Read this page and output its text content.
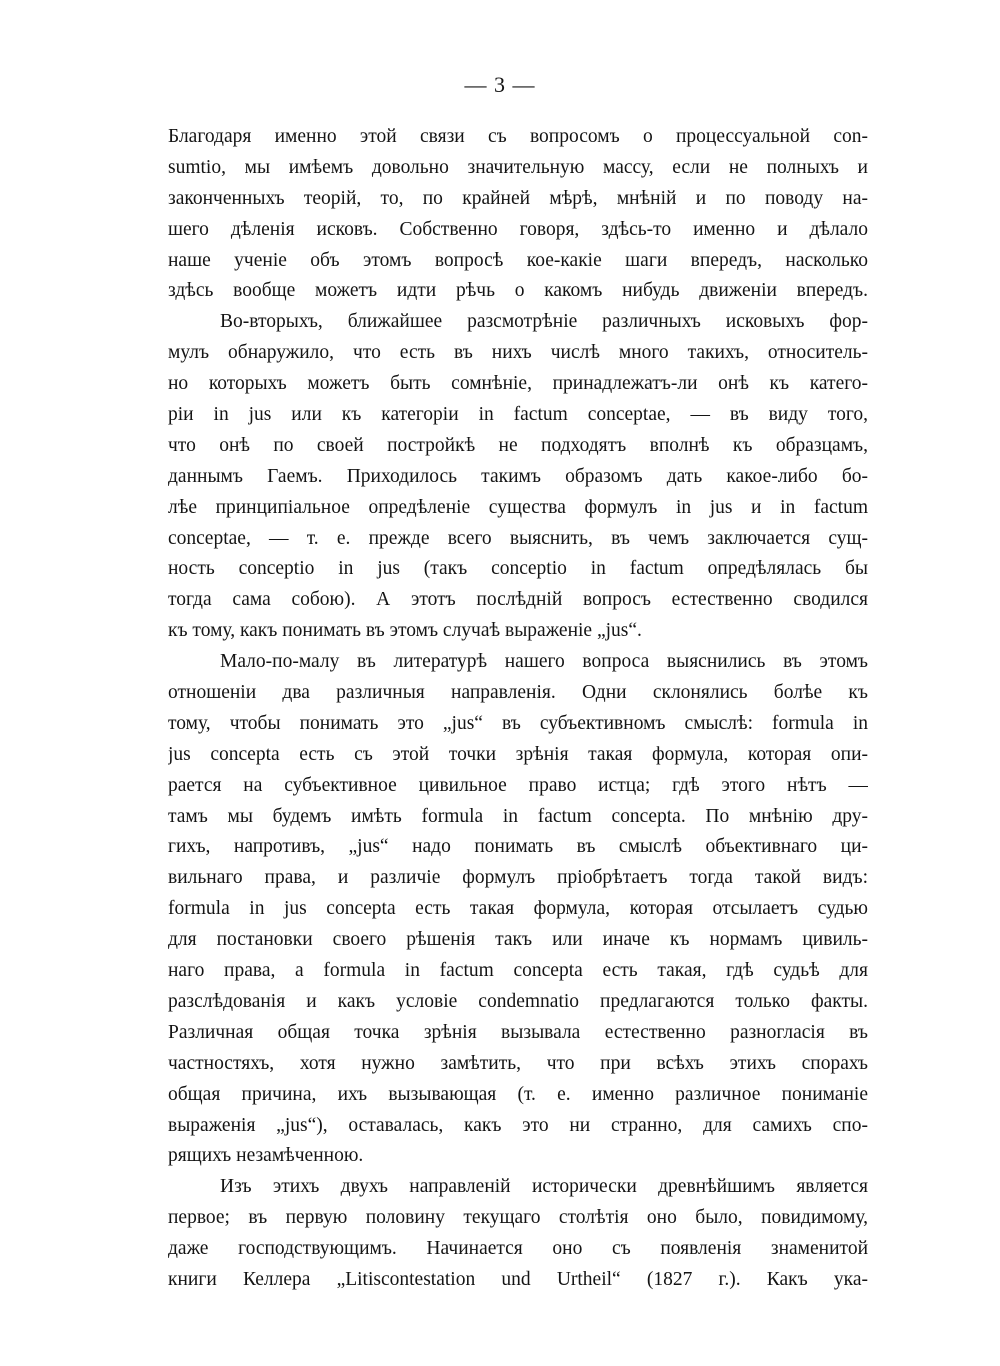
— 3 —
Благодаря именно этой связи съ вопросомъ о процессуальной con-
sumtio, мы имѣемъ довольно значительную массу, если не полныхъ и
законченныхъ теорій, то, по крайней мѣрѣ, мнѣній и по поводу на-
шего дѣленія исковъ. Собственно говоря, здѣсь-то именно и дѣлало
наше ученіе объ этомъ вопросѣ кое-какіе шаги впередъ, насколько
здѣсь вообще можетъ идти рѣчь о какомъ нибудь движеніи впередъ.
Во-вторыхъ, ближайшее разсмотрѣніе различныхъ исковыхъ фор-
мулъ обнаружило, что есть въ нихъ числѣ много такихъ, относитель-
но которыхъ можетъ быть сомнѣніе, принадлежатъ-ли онѣ къ катего-
ріи in jus или къ категоріи in factum conceptae, — въ виду того,
что онѣ по своей постройкѣ не подходятъ вполнѣ къ образцамъ,
даннымъ Гаемъ. Приходилось такимъ образомъ дать какое-либо бо-
лѣе принципіальное опредѣленіе существа формулъ in jus и in factum
conceptae, — т. е. прежде всего выяснить, въ чемъ заключается сущ-
ность conceptio in jus (такъ conceptio in factum опредѣлялась бы
тогда сама собою). А этотъ послѣдній вопросъ естественно сводился
къ тому, какъ понимать въ этомъ случаѣ выраженіе „jus“.
Мало-по-малу въ литературѣ нашего вопроса выяснились въ этомъ
отношеніи два различныя направленія. Одни склонялись болѣе къ
тому, чтобы понимать это „jus“ въ субъективномъ смыслѣ: formula in
jus concepta есть съ этой точки зрѣнія такая формула, которая опи-
рается на субъективное цивильное право истца; гдѣ этого нѣтъ —
тамъ мы будемъ имѣть formula in factum concepta. По мнѣнію дру-
гихъ, напротивъ, „jus“ надо понимать въ смыслѣ объективнаго ци-
вильнаго права, и различіе формулъ пріобрѣтаетъ тогда такой видъ:
formula in jus concepta есть такая формула, которая отсылаетъ судью
для постановки своего рѣшенія такъ или иначе къ нормамъ цивиль-
наго права, а formula in factum concepta есть такая, гдѣ судьѣ для
разслѣдованія и какъ условіе condemnatio предлагаются только факты.
Различная общая точка зрѣнія вызывала естественно разногласія въ
частностяхъ, хотя нужно замѣтить, что при всѣхъ этихъ спорахъ
общая причина, ихъ вызывающая (т. е. именно различное пониманіе
выраженія „jus“), оставалась, какъ это ни странно, для самихъ спо-
рящихъ незамѣченною.
Изъ этихъ двухъ направленій исторически древнѣйшимъ является
первое; въ первую половину текущаго столѣтія оно было, повидимому,
даже господствующимъ. Начинается оно съ появленія знаменитой
книги Келлера „Litiscontestation und Urtheil“ (1827 г.). Какъ ука-
